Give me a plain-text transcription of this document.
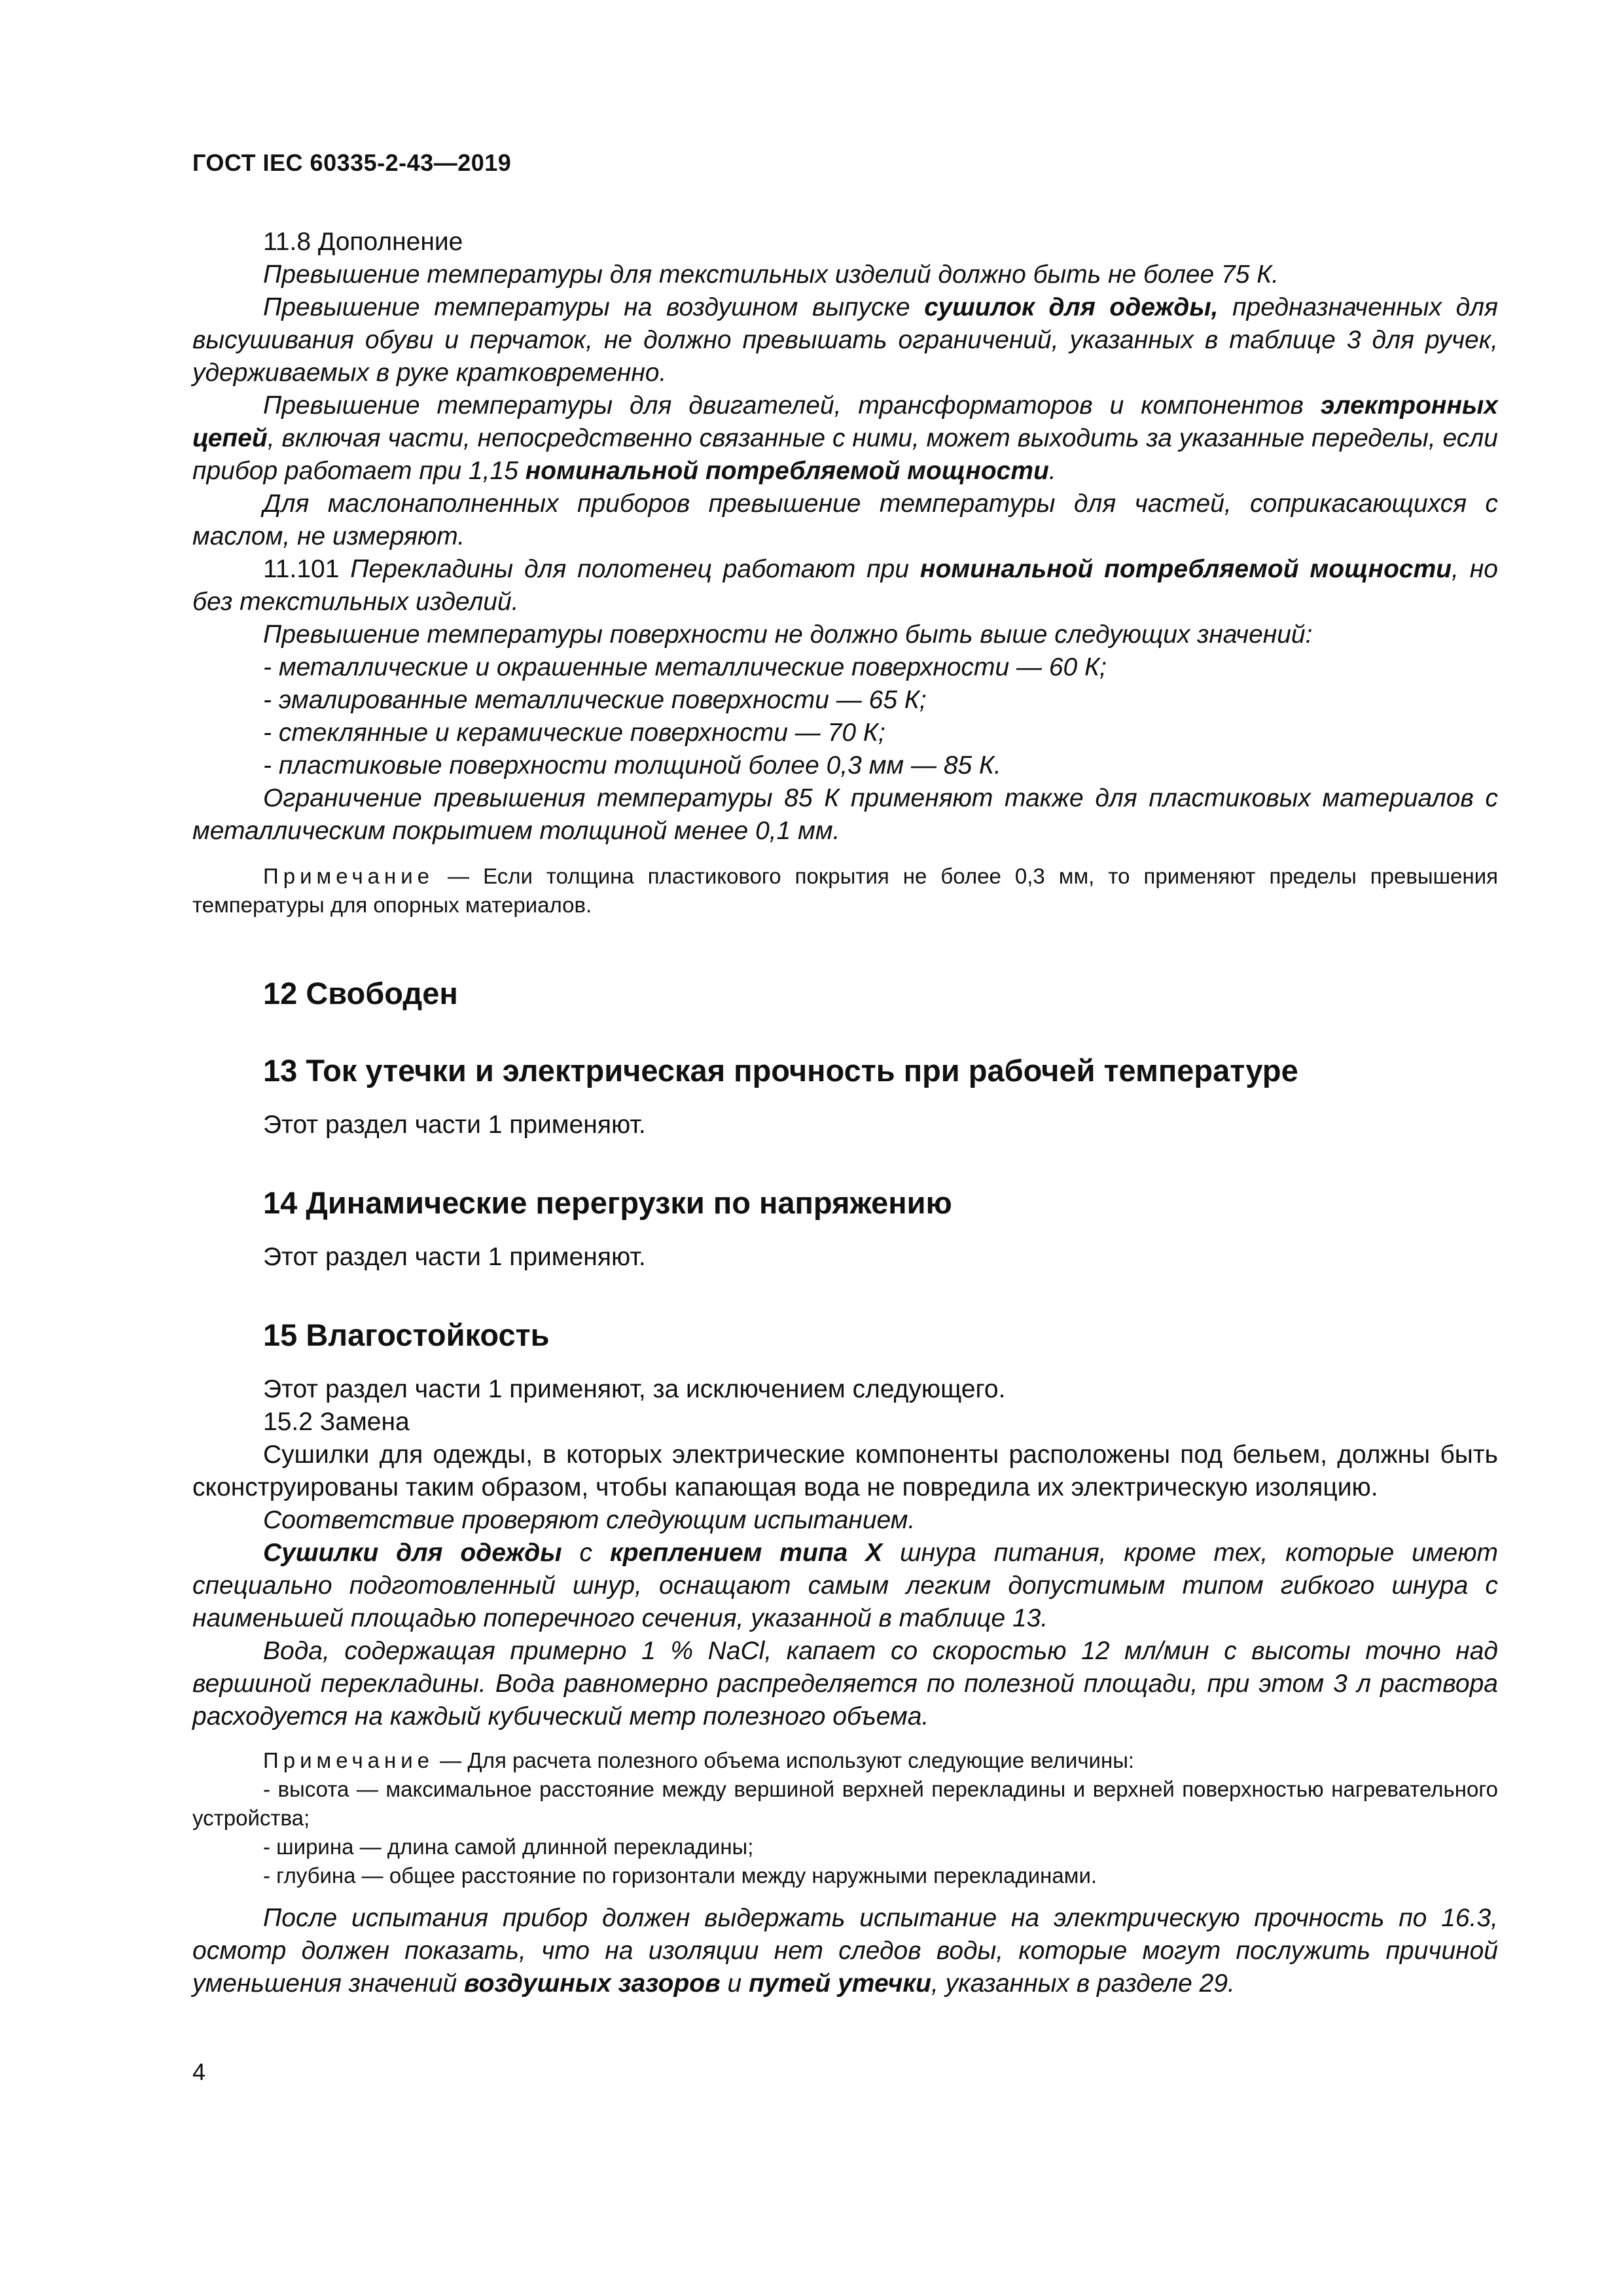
ГОСТ IEC 60335-2-43—2019

11.8 Дополнение

Превышение температуры для текстильных изделий должно быть не более 75 К.

Превышение температуры на воздушном выпуске сушилок для одежды, предназначенных для высушивания обуви и перчаток, не должно превышать ограничений, указанных в таблице 3 для ручек, удерживаемых в руке кратковременно.

Превышение температуры для двигателей, трансформаторов и компонентов электронных цепей, включая части, непосредственно связанные с ними, может выходить за указанные переделы, если прибор работает при 1,15 номинальной потребляемой мощности.

Для маслонаполненных приборов превышение температуры для частей, соприкасающихся с маслом, не измеряют.

11.101 Перекладины для полотенец работают при номинальной потребляемой мощности, но без текстильных изделий.

Превышение температуры поверхности не должно быть выше следующих значений:

- металлические и окрашенные металлические поверхности — 60 К;

- эмалированные металлические поверхности — 65 К;

- стеклянные и керамические поверхности — 70 К;

- пластиковые поверхности толщиной более 0,3 мм — 85 К.

Ограничение превышения температуры 85 К применяют также для пластиковых материалов с металлическим покрытием толщиной менее 0,1 мм.

Примечание — Если толщина пластикового покрытия не более 0,3 мм, то применяют пределы превышения температуры для опорных материалов.

12 Свободен

13 Ток утечки и электрическая прочность при рабочей температуре

Этот раздел части 1 применяют.

14 Динамические перегрузки по напряжению

Этот раздел части 1 применяют.

15 Влагостойкость

Этот раздел части 1 применяют, за исключением следующего.

15.2 Замена

Сушилки для одежды, в которых электрические компоненты расположены под бельем, должны быть сконструированы таким образом, чтобы капающая вода не повредила их электрическую изоляцию.

Соответствие проверяют следующим испытанием.

Сушилки для одежды с креплением типа X шнура питания, кроме тех, которые имеют специально подготовленный шнур, оснащают самым легким допустимым типом гибкого шнура с наименьшей площадью поперечного сечения, указанной в таблице 13.

Вода, содержащая примерно 1 % NaCl, капает со скоростью 12 мл/мин с высоты точно над вершиной перекладины. Вода равномерно распределяется по полезной площади, при этом 3 л раствора расходуется на каждый кубический метр полезного объема.

Примечание — Для расчета полезного объема используют следующие величины:

- высота — максимальное расстояние между вершиной верхней перекладины и верхней поверхностью нагревательного устройства;

- ширина — длина самой длинной перекладины;

- глубина — общее расстояние по горизонтали между наружными перекладинами.

После испытания прибор должен выдержать испытание на электрическую прочность по 16.3, осмотр должен показать, что на изоляции нет следов воды, которые могут послужить причиной уменьшения значений воздушных зазоров и путей утечки, указанных в разделе 29.

4
